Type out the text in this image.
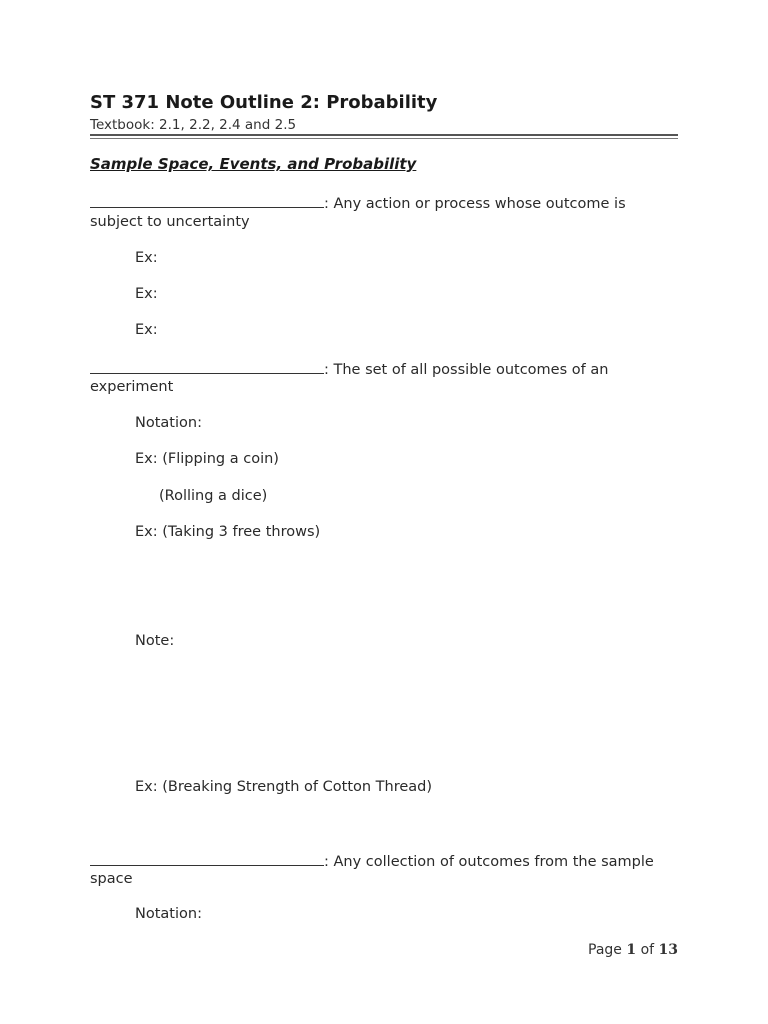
ST 371 Note Outline 2: Probability
Textbook: 2.1, 2.2, 2.4 and 2.5
Sample Space, Events, and Probability
: Any action or process whose outcome is
subject to uncertainty
Ex:
Ex:
Ex:
: The set of all possible outcomes of an
experiment
Notation:
Ex: (Flipping a coin)
(Rolling a dice)
Ex: (Taking 3 free throws)
Note:
Ex: (Breaking Strength of Cotton Thread)
: Any collection of outcomes from the sample
space
Notation:
Page 1 of 13
